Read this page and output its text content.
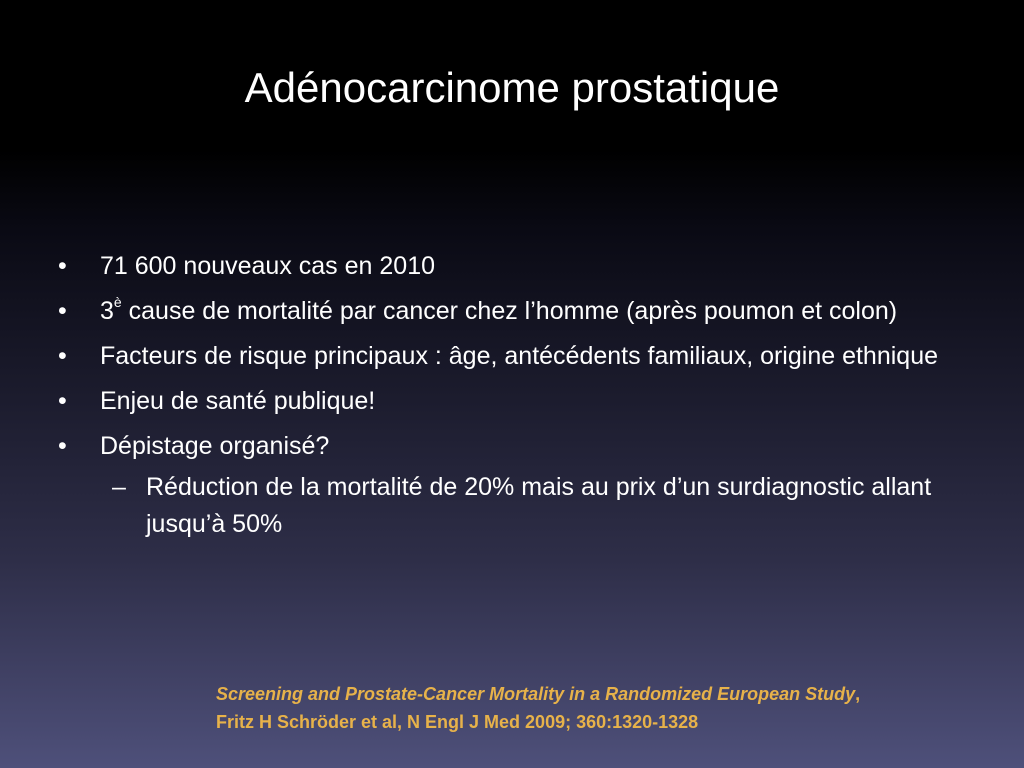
Adénocarcinome prostatique
•	71 600 nouveaux cas en 2010
•	$3^è$ cause de mortalité par cancer chez l’homme (après poumon et colon)
•	Facteurs de risque principaux : âge, antécédents familiaux, origine ethnique
•	Enjeu de santé publique!
•	Dépistage organisé?
– Réduction de la mortalité de 20% mais au prix d’un surdiagnostic allant jusqu’à 50%
Screening and Prostate-Cancer Mortality in a Randomized European Study,
Fritz H Schröder et al, N Engl J Med 2009; 360:1320-1328
